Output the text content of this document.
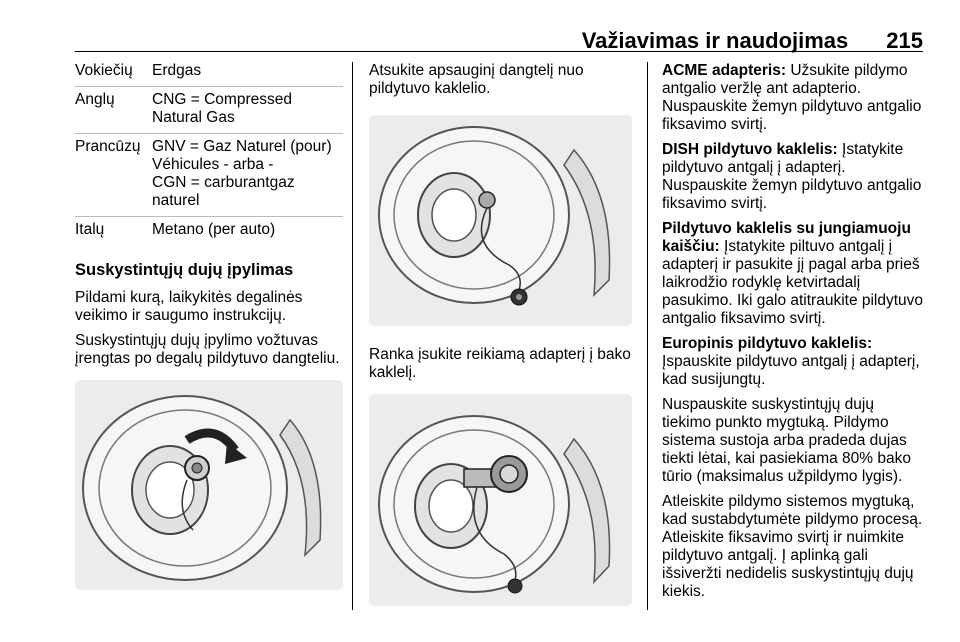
Važiavimas ir naudojimas 215
Vokiečių	Erdgas
Anglų	CNG = Compressed
Natural Gas
Prancūzų GNV = Gaz Naturel (pour)
Véhicules - arba -
CGN = carburantgaz
naturel
Italų	Metano (per auto)
Suskystintųjų dujų įpylimas

Pildami kurą, laikykitės degalinės veikimo ir saugumo instrukcijų.

Suskystintųjų dujų įpylimo vožtuvas įrengtas po degalų pildytuvo dangteliu.

Atsukite apsauginį dangtelį nuo pildytuvo kaklelio.

Ranka įsukite reikiamą adapterį į bako kaklelį.

ACME adapteris: Užsukite pildymo antgalio veržlę ant adapterio. Nuspauskite žemyn pildytuvo antgalio fiksavimo svirtį.

DISH pildytuvo kaklelis: Įstatykite pildytuvo antgalį į adapterį. Nuspauskite žemyn pildytuvo antgalio fiksavimo svirtį.

Pildytuvo kaklelis su jungiamuoju kaiščiu: Įstatykite piltuvo antgalį į adapterį ir pasukite jį pagal arba prieš laikrodžio rodyklę ketvirtadalį pasukimo. Iki galo atitraukite pildytuvo antgalio fiksavimo svirtį.

Europinis pildytuvo kaklelis:
Įspauskite pildytuvo antgalį į adapterį, kad susijungtų.

Nuspauskite suskystintųjų dujų tiekimo punkto mygtuką. Pildymo sistema sustoja arba pradeda dujas tiekti lėtai, kai pasiekiama 80% bako tūrio (maksimalus užpildymo lygis).

Atleiskite pildymo sistemos mygtuką, kad sustabdytumėte pildymo procesą. Atleiskite fiksavimo svirtį ir nuimkite pildytuvo antgalį. Į aplinką gali išsiveržti nedidelis suskystintųjų dujų kiekis.
